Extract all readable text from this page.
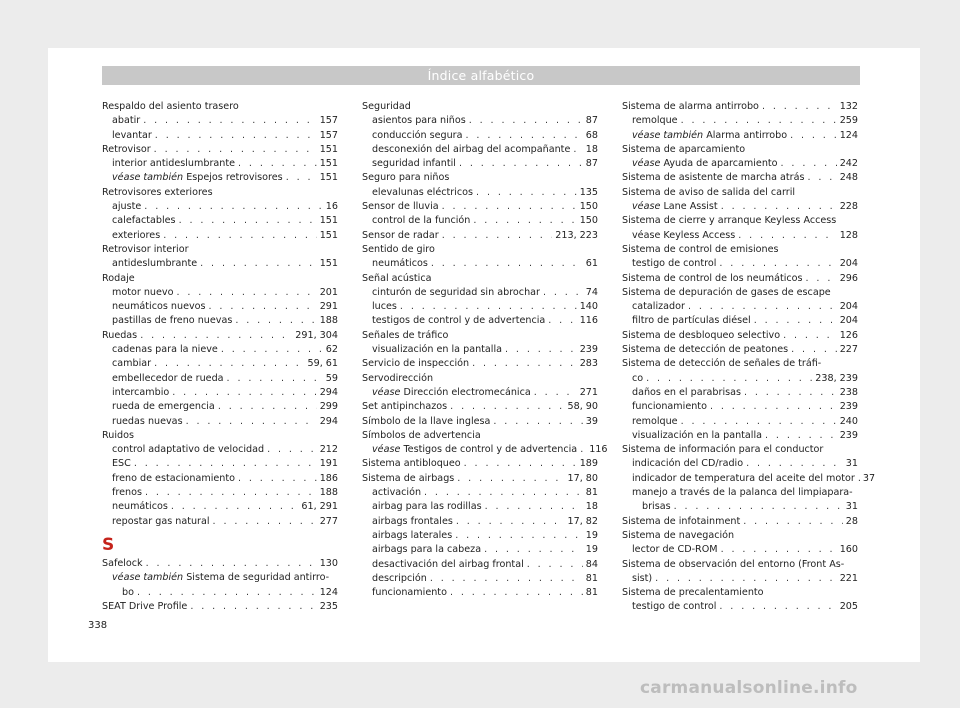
Índice alfabético
Respaldo del asiento trasero
abatir . . .	157
levantar . . .	157
Retrovisor . . .	151
interior antideslumbrante . . .	151
véase también Espejos retrovisores . . .	151
Retrovisores exteriores
ajuste . . .	16
calefactables . . .	151
exteriores . . .	151
Retrovisor interior
antideslumbrante . . .	151
Rodaje
motor nuevo . . .	201
neumáticos nuevos . . .	291
pastillas de freno nuevas . . .	188
Ruedas . . .	291, 304
cadenas para la nieve . . .	62
cambiar . . .	59, 61
embellecedor de rueda . . .	59
intercambio . . .	294
rueda de emergencia . . .	299
ruedas nuevas . . .	294
Ruidos
control adaptativo de velocidad . . .	212
ESC . . .	191
freno de estacionamiento . . .	186
frenos . . .	188
neumáticos . . .	61, 291
repostar gas natural . . .	277
S
Safelock . . .	130
véase también Sistema de seguridad antirro-
bo . . .	124
SEAT Drive Profile . . .	235
Seguridad
asientos para niños . . .	87
conducción segura . . .	68
desconexión del airbag del acompañante . . . 18
seguridad infantil . . .	87
Seguro para niños
elevalunas eléctricos . . .	135
Sensor de lluvia . . .	150
control de la función . . .	150
Sensor de radar . . .	213, 223
Sentido de giro
neumáticos . . .	61
Señal acústica
cinturón de seguridad sin abrochar . . .	74
luces . . .	140
testigos de control y de advertencia . . .	116
Señales de tráfico
visualización en la pantalla . . .	239
Servicio de inspección . . .	283
Servodirección
véase Dirección electromecánica . . .	271
Set antipinchazos . . .	58, 90
Símbolo de la llave inglesa . . .	39
Símbolos de advertencia
véase Testigos de control y de advertencia . . . 116
Sistema antibloqueo . . .	189
Sistema de airbags . . .	17, 80
activación . . .	81
airbag para las rodillas . . .	18
airbags frontales . . .	17, 82
airbags laterales . . .	19
airbags para la cabeza . . .	19
desactivación del airbag frontal . . .	84
descripción . . .	81
funcionamiento . . .	81
Sistema de alarma antirrobo . . .	132
remolque . . .	259
véase también Alarma antirrobo . . .	124
Sistema de aparcamiento
véase Ayuda de aparcamiento . . .	242
Sistema de asistente de marcha atrás . . .	248
Sistema de aviso de salida del carril
véase Lane Assist . . .	228
Sistema de cierre y arranque Keyless Access
véase Keyless Access . . .	128
Sistema de control de emisiones
testigo de control . . .	204
Sistema de control de los neumáticos . . .	296
Sistema de depuración de gases de escape
catalizador . . .	204
filtro de partículas diésel . . .	204
Sistema de desbloqueo selectivo . . .	126
Sistema de detección de peatones . . .	227
Sistema de detección de señales de tráfi-
co . . .	238, 239
daños en el parabrisas . . .	238
funcionamiento . . .	239
remolque . . .	240
visualización en la pantalla . . .	239
Sistema de información para el conductor
indicación del CD/radio . . .	31
indicador de temperatura del aceite del motor . . . 37
manejo a través de la palanca del limpiapara-
brisas . . .	31
Sistema de infotainment . . .	28
Sistema de navegación
lector de CD-ROM . . .	160
Sistema de observación del entorno (Front As-
sist) . . .	221
Sistema de precalentamiento
testigo de control . . .	205
338
carmanualsonline.info
